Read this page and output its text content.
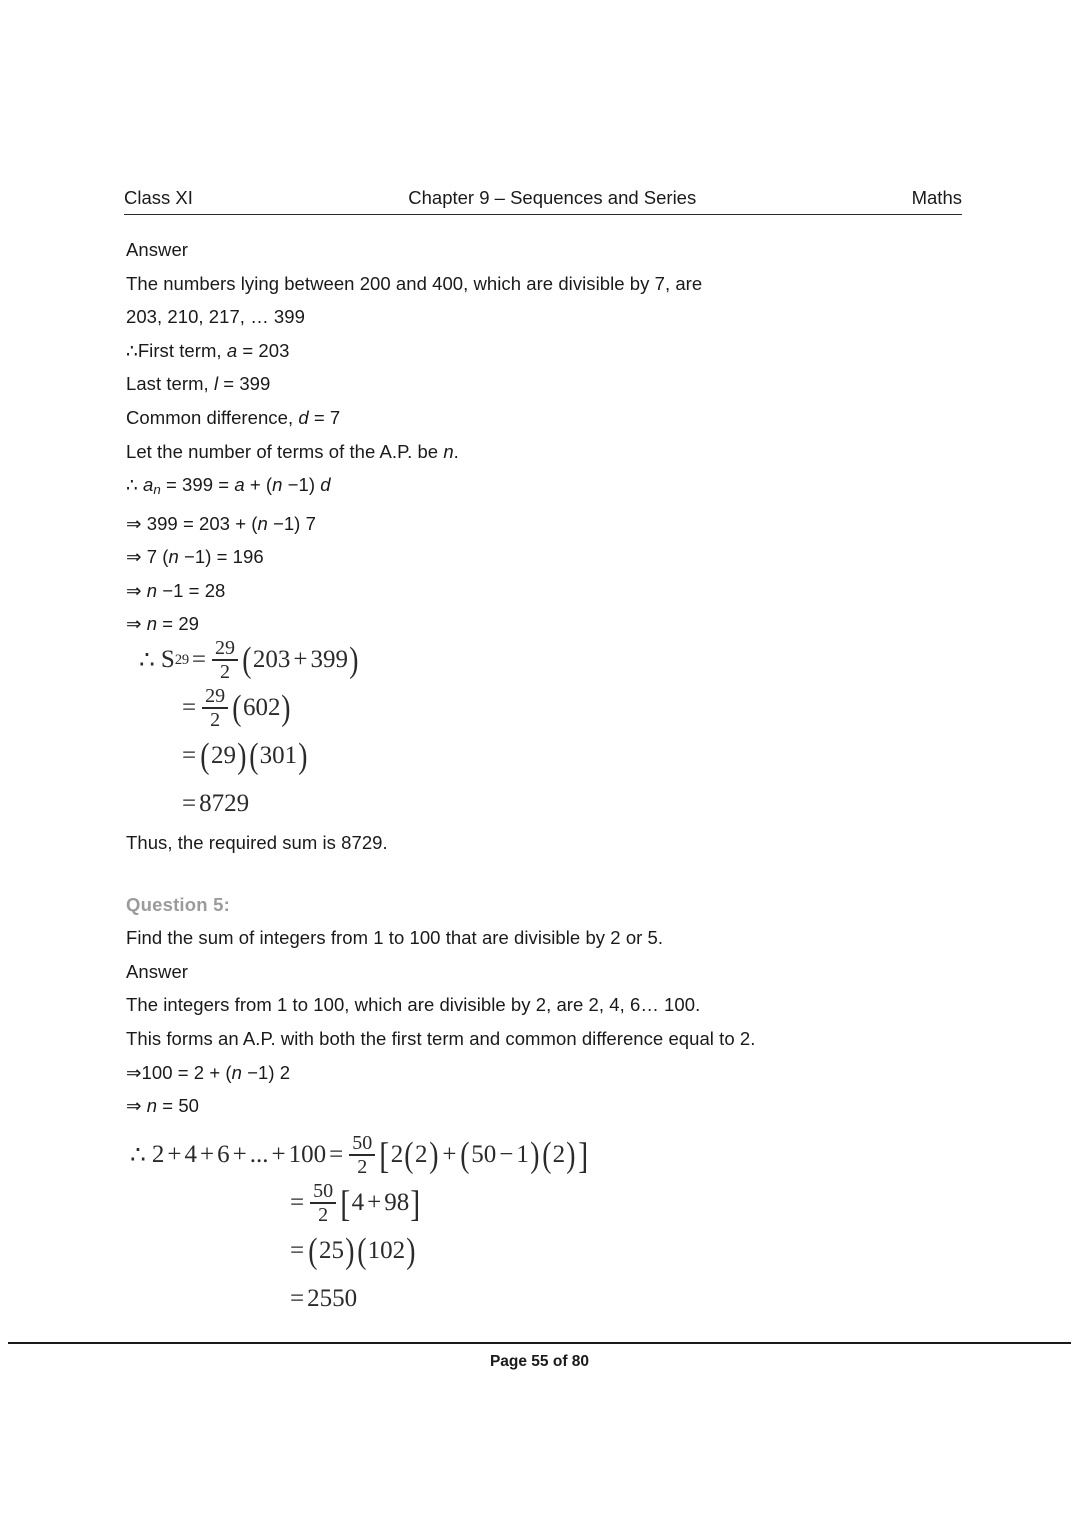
Class XI	Chapter 9 – Sequences and Series	Maths
Answer
The numbers lying between 200 and 400, which are divisible by 7, are
203, 210, 217, … 399
∴First term, a = 203
Last term, l = 399
Common difference, d = 7
Let the number of terms of the A.P. be n.
∴ $a_n = 399 = a + (n -1)$ d
⇒ 399 = 203 + (n −1) 7
⇒ 7 (n −1) = 196
⇒ n −1 = 28
⇒ n = 29
Thus, the required sum is 8729.
Question 5:
Find the sum of integers from 1 to 100 that are divisible by 2 or 5.
Answer
The integers from 1 to 100, which are divisible by 2, are 2, 4, 6… 100.
This forms an A.P. with both the first term and common difference equal to 2.
⇒100 = 2 + (n −1) 2
⇒ n = 50
∴ S $29 = \frac{29}{2}$ ( 203 + 399 )
= $\frac{29}{2}$ ( 602 )
= ( 29 ) ( 301 )
= 8729
∴ 2 + 4 + 6 + ... + $100 = \frac{50}{2}$ [ 2 ( 2 ) + ( 50 − 1 ) ( 2 ) ]
= $\frac{50}{2}$ [ 4 + 98 ]
= ( 25 ) ( 102 )
= 2550
Page 55 of 80
